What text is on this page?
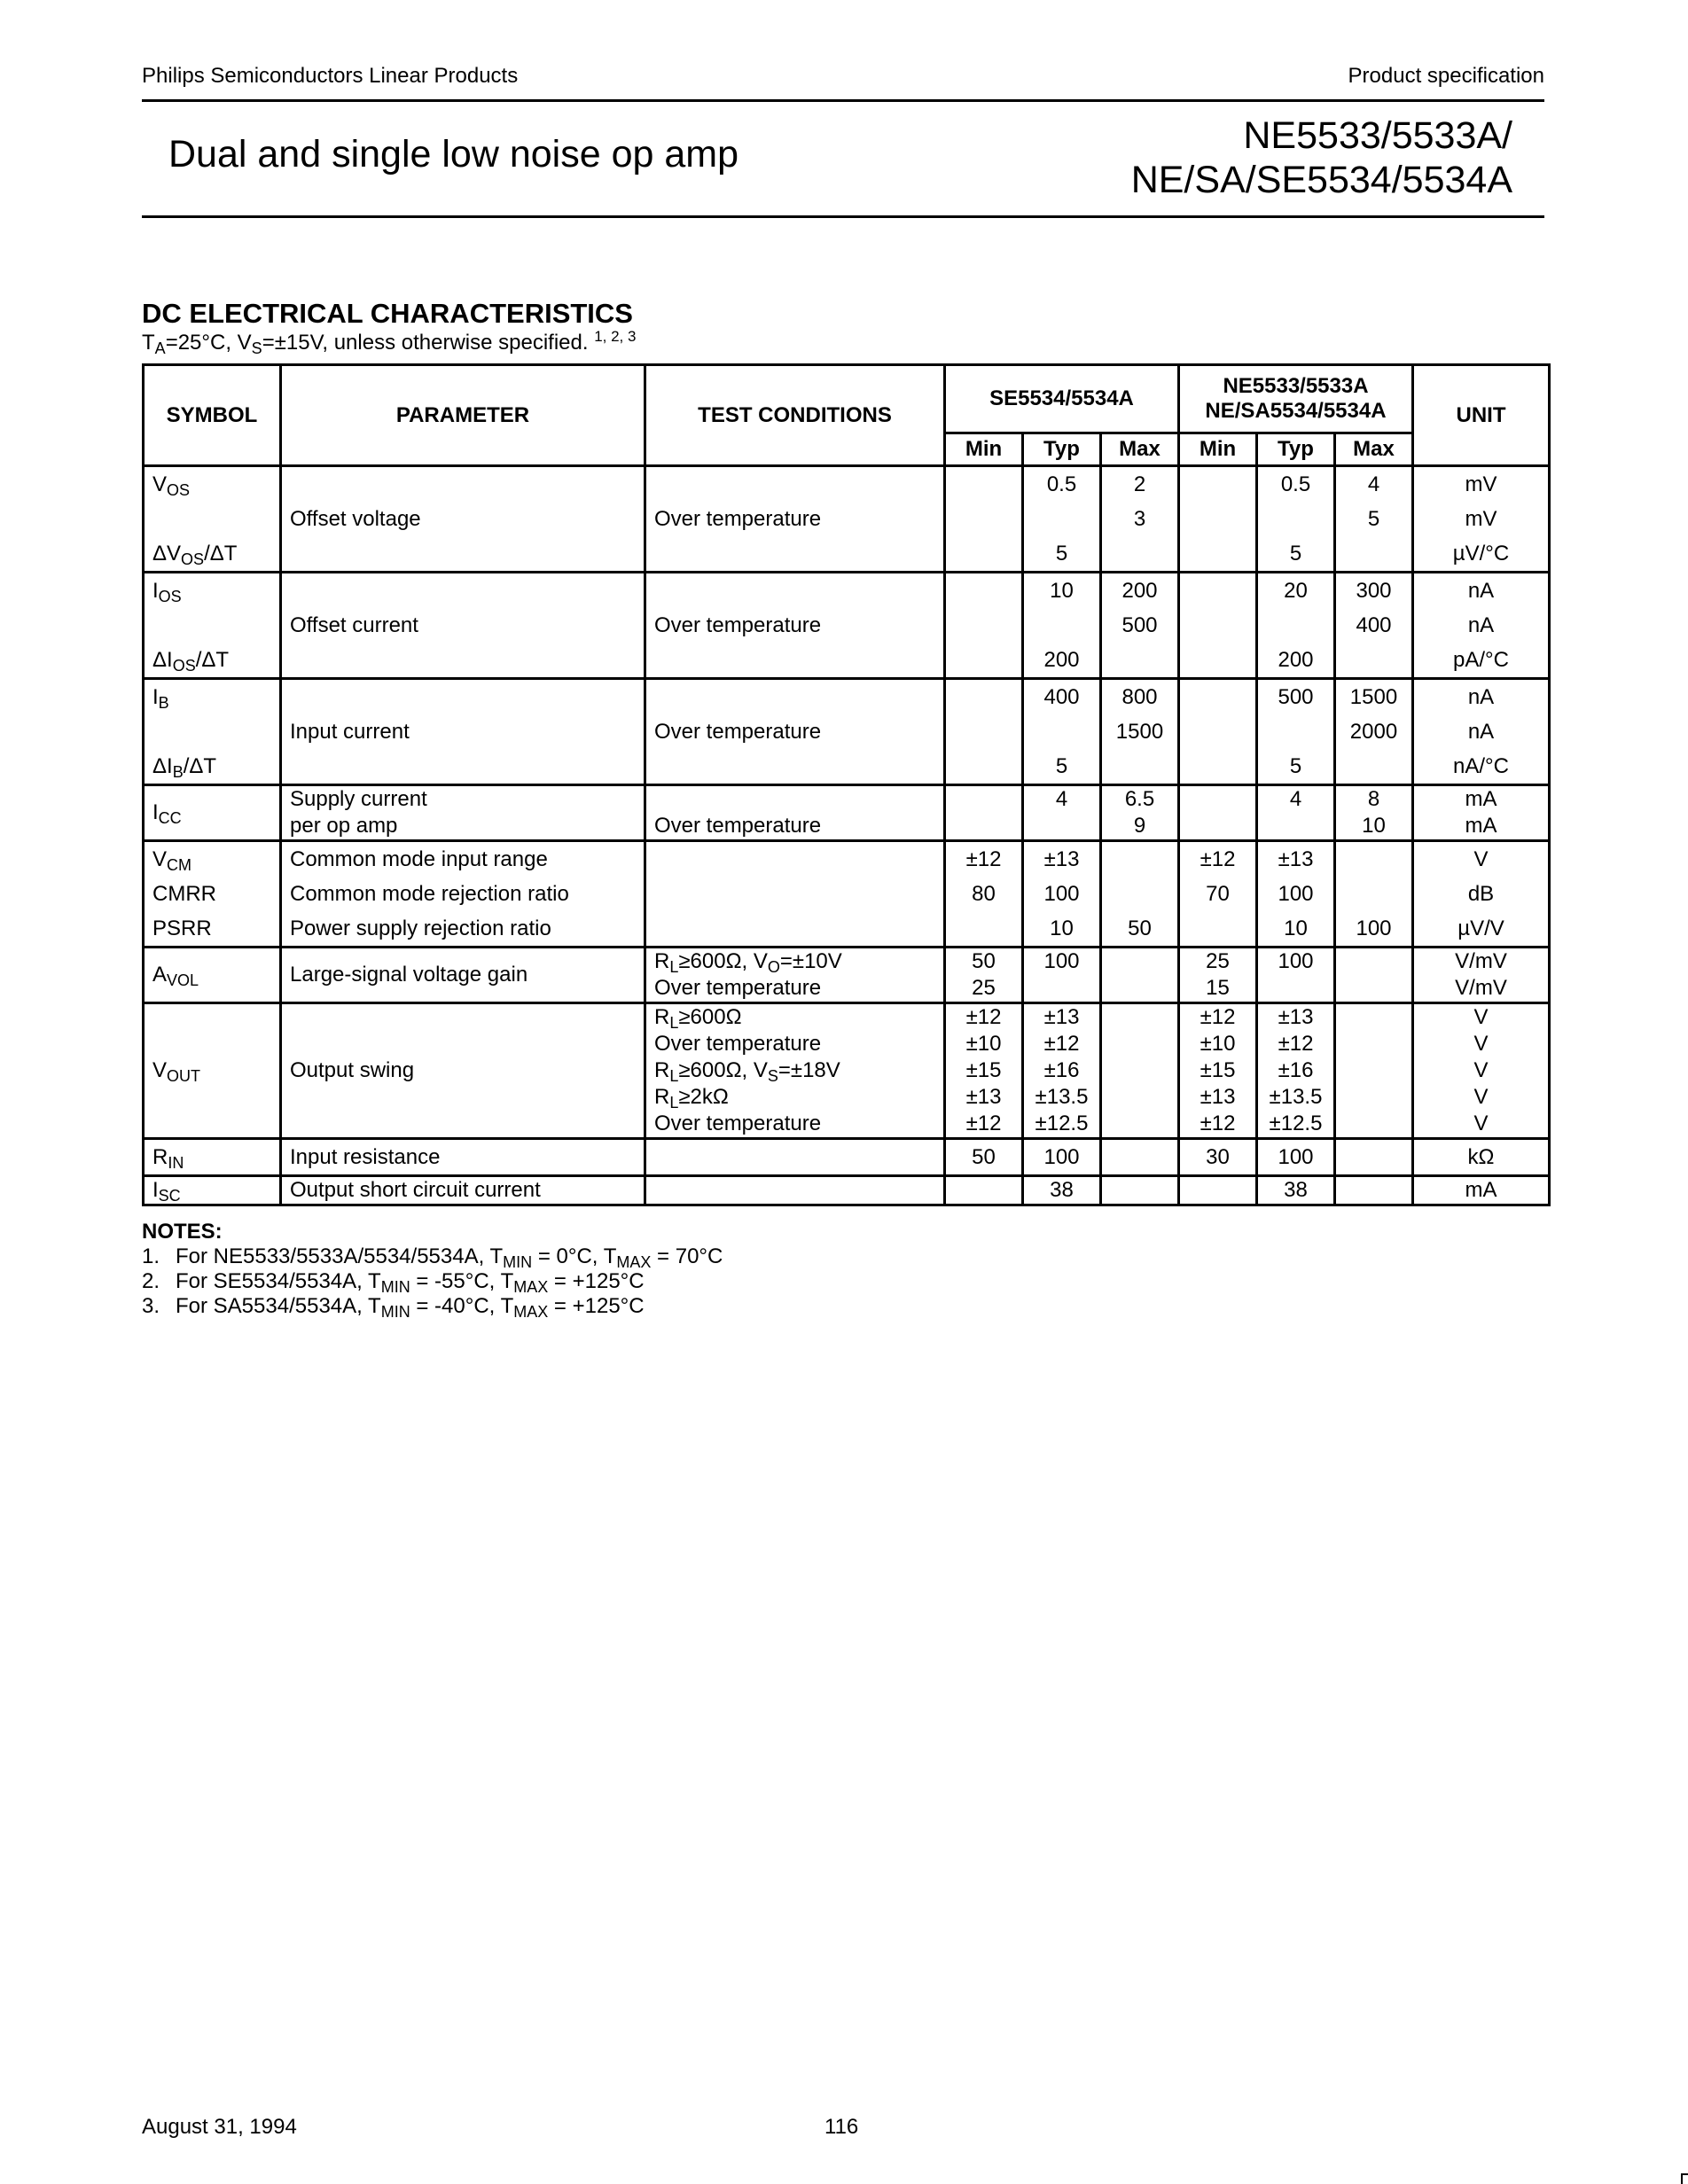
Philips Semiconductors Linear Products	Product specification
Dual and single low noise op amp	NE5533/5533A/
NE/SA/SE5534/5534A
DC ELECTRICAL CHARACTERISTICS
$T_A=25^\circ C$, $V_S=\pm 15V$, unless otherwise specified. $^{1, 2, 3}$
SYMBOL	PARAMETER	TEST CONDITIONS	SE5534/5534A			NE5533/5533A
NE/SA5534/5534A			UNIT
			Min	Typ	Max	Min	Typ	Max	
$V_{OS}$	Offset voltage	Over temperature		0.5	2		0.5	4	mV
					3			5	mV
$\Delta V_{OS}/\Delta T$				5			5		µV/°C
$I_{OS}$	Offset current	Over temperature		10	200		20	300	nA
					500			400	nA
$\Delta I_{OS}/\Delta T$				200			200		pA/°C
$I_B$	Input current	Over temperature		400	800		500	1500	nA
					1500			2000	nA
$\Delta I_B/\Delta T$				5			5		nA/°C
$I_{CC}$	Supply current			4	6.5		4	8	mA
	per op amp	Over temperature			9			10	mA
$V_{CM}$	Common mode input range		±12	±13		±12	±13		V
CMRR	Common mode rejection ratio		80	100		70	100		dB
PSRR	Power supply rejection ratio			10	50		10	100	µV/V
$A_{VOL}$	Large-signal voltage gain	$R_L\ge 600\Omega$, $V_O=\pm 10V$	50	100		25	100		V/mV
		Over temperature	25			15			V/mV
$V_{OUT}$	Output swing	$R_L\ge 600\Omega$	±12	±13		±12	±13		V
		Over temperature	±10	±12		±10	±12		V
		$R_L\ge 600\Omega$, $V_S=\pm 18V$	±15	±16		±15	±16		V
		$R_L\ge 2k\Omega$	±13	±13.5		±13	±13.5		V
		Over temperature	±12	±12.5		±12	±12.5		V
$R_{IN}$	Input resistance		50	100		30	100		kΩ
$I_{SC}$	Output short circuit current			38			38		mA
NOTES:
1. For NE5533/5533A/5534/5534A, $T_{MIN} = 0^\circ C$, $T_{MAX} = 70^\circ C$
2. For SE5534/5534A, $T_{MIN} = -55^\circ C$, $T_{MAX} = +125^\circ C$
3. For SA5534/5534A, $T_{MIN} = -40^\circ C$, $T_{MAX} = +125^\circ C$
August 31, 1994	116
